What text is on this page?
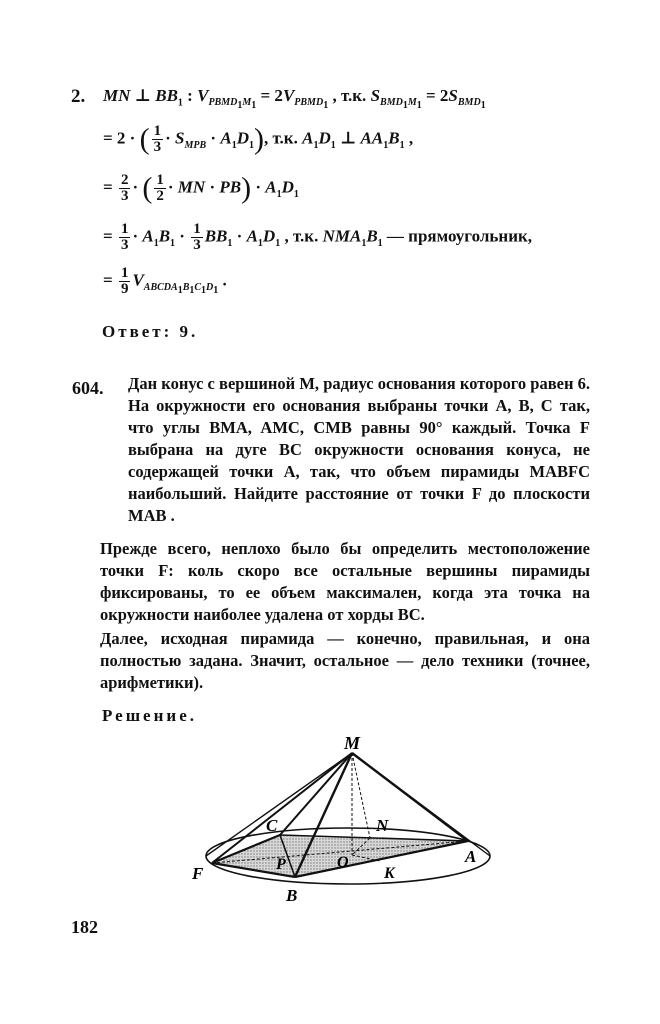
2. MN ⊥ $BB_1$ : $V_{PBMD_1M_1} = 2V_{PBMD_1}$ , т.к. $S_{BMD_1M_1} = 2S_{BMD_1}$
= 2 · ( $\frac{1}{3} \cdot S_{MPB} \cdot A_1D_1$), т.к. $A_1D_1$ ⊥ $AA_1B_1$ ,
= $\frac{2}{3}$ · ( $\frac{1}{2}$ · MN · $PB) \cdot A_1D_1$
= $\frac{1}{3} \cdot A_1B_1 \cdot \frac{1}{3} BB_1 \cdot A_1D_1$ , т.к. $NMA_1B_1$ — прямоугольник,
= $\frac{1}{9} V_{ABCDA_1B_1C_1D_1}$ .
Ответ: 9.
604. Дан конус с вершиной M, радиус основания которого равен 6. На окружности его основания выбраны точки A, B, C так, что углы BMA, AMC, CMB равны 90° каждый. Точка F выбрана на дуге BC окружности основания конуса, не содержащей точки A, так, что объем пирамиды MABFC наибольший. Найдите расстояние от точки F до плоскости MAB .
Прежде всего, неплохо было бы определить местоположение точки F: коль скоро все остальные вершины пирамиды фиксированы, то ее объем максимален, когда эта точка на окружности наиболее удалена от хорды BC.
Далее, исходная пирамида — конечно, правильная, и она полностью задана. Значит, остальное — дело техники (точнее, арифметики).
Решение.
M
C	N
F	P	O	A
K
B
182
